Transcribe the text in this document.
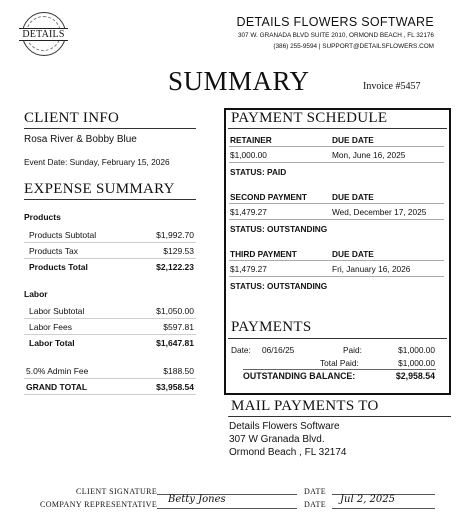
DETAILS
DETAILS FLOWERS SOFTWARE
307 W. GRANADA BLVD SUITE 2010, ORMOND BEACH , FL 32176
(386) 255-9594 | SUPPORT@DETAILSFLOWERS.COM
SUMMARY	Invoice #5457
CLIENT INFO
Rosa River & Bobby Blue
Event Date: Sunday, February 15, 2026
EXPENSE SUMMARY
Products
Products Subtotal	$1,992.70
Products Tax	$129.53
Products Total	$2,122.23
Labor
Labor Subtotal	$1,050.00
Labor Fees	$597.81
Labor Total	$1,647.81
5.0% Admin Fee	$188.50
GRAND TOTAL	$3,958.54
PAYMENT SCHEDULE
RETAINER	DUE DATE
$1,000.00	Mon, June 16, 2025
STATUS: PAID
SECOND PAYMENT	DUE DATE
$1,479.27	Wed, December 17, 2025
STATUS: OUTSTANDING
THIRD PAYMENT	DUE DATE
$1,479.27	Fri, January 16, 2026
STATUS: OUTSTANDING
PAYMENTS
Date: 06/16/25	Paid:	$1,000.00
Total Paid:	$1,000.00
OUTSTANDING BALANCE:	$2,958.54
MAIL PAYMENTS TO
Details Flowers Software
307 W Granada Blvd.
Ormond Beach , FL 32174
CLIENT SIGNATURE	DATE
COMPANY REPRESENTATIVE Betty Jones	DATE Jul 2, 2025
